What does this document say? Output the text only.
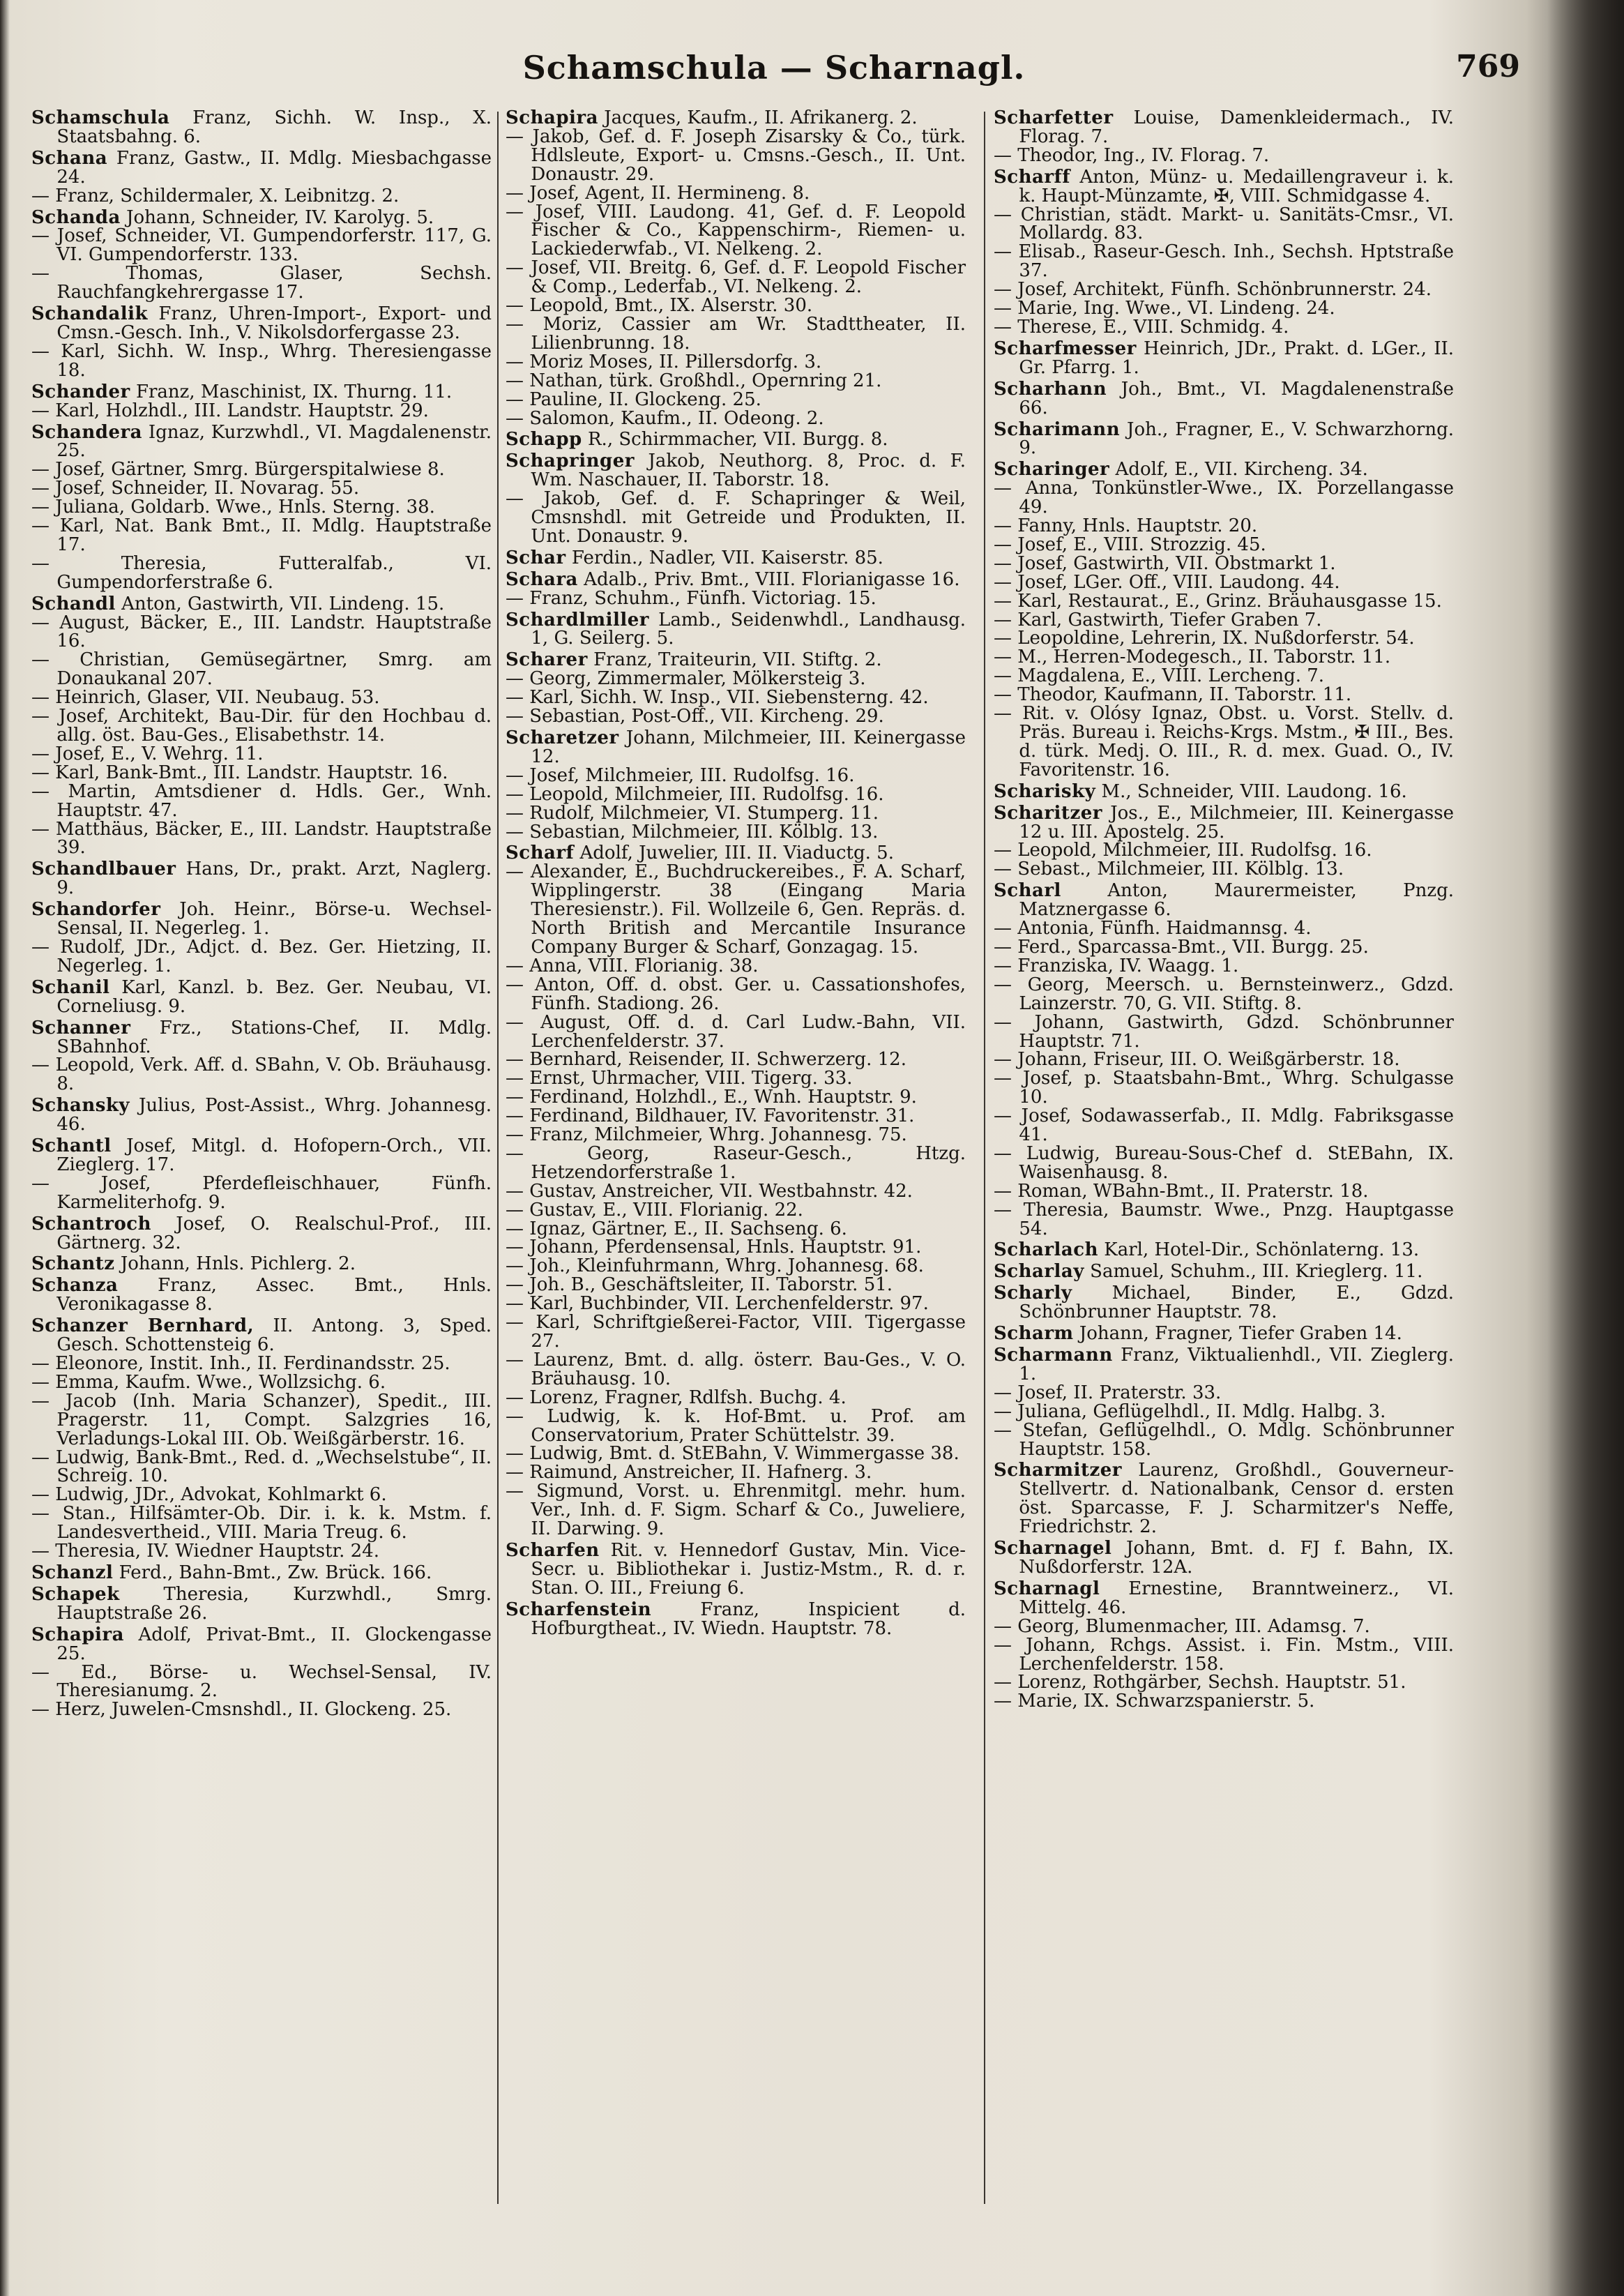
Schamschula — Scharnagl.	769
Schamschula Franz, Sichh. W. Insp., X. Staatsbahng. 6.
Schana Franz, Gastw., II. Mdlg. Miesbachgasse 24.
— Franz, Schildermaler, X. Leibnitzg. 2.
Schanda Johann, Schneider, IV. Karolyg. 5.
— Josef, Schneider, VI. Gumpendorferstr. 117, G. VI. Gumpendorferstr. 133.
— Thomas, Glaser, Sechsh. Rauchfangkehrergasse 17.
Schandalik Franz, Uhren-Import-, Export- und Cmsn.-Gesch. Inh., V. Nikolsdorfergasse 23.
— Karl, Sichh. W. Insp., Whrg. Theresiengasse 18.
Schander Franz, Maschinist, IX. Thurng. 11.
— Karl, Holzhdl., III. Landstr. Hauptstr. 29.
Schandera Ignaz, Kurzwhdl., VI. Magdalenenstr. 25.
— Josef, Gärtner, Smrg. Bürgerspitalwiese 8.
— Josef, Schneider, II. Novarag. 55.
— Juliana, Goldarb. Wwe., Hnls. Sterng. 38.
— Karl, Nat. Bank Bmt., II. Mdlg. Hauptstraße 17.
— Theresia, Futteralfab., VI. Gumpendorferstraße 6.
Schandl Anton, Gastwirth, VII. Lindeng. 15.
— August, Bäcker, E., III. Landstr. Hauptstraße 16.
— Christian, Gemüsegärtner, Smrg. am Donaukanal 207.
— Heinrich, Glaser, VII. Neubaug. 53.
— Josef, Architekt, Bau-Dir. für den Hochbau d. allg. öst. Bau-Ges., Elisabethstr. 14.
— Josef, E., V. Wehrg. 11.
— Karl, Bank-Bmt., III. Landstr. Hauptstr. 16.
— Martin, Amtsdiener d. Hdls. Ger., Wnh. Hauptstr. 47.
— Matthäus, Bäcker, E., III. Landstr. Hauptstraße 39.
Schandlbauer Hans, Dr., prakt. Arzt, Naglerg. 9.
Schandorfer Joh. Heinr., Börse-u. Wechsel-Sensal, II. Negerleg. 1.
— Rudolf, JDr., Adjct. d. Bez. Ger. Hietzing, II. Negerleg. 1.
Schanil Karl, Kanzl. b. Bez. Ger. Neubau, VI. Corneliusg. 9.
Schanner Frz., Stations-Chef, II. Mdlg. SBahnhof.
— Leopold, Verk. Aff. d. SBahn, V. Ob. Bräuhausg. 8.
Schansky Julius, Post-Assist., Whrg. Johannesg. 46.
Schantl Josef, Mitgl. d. Hofopern-Orch., VII. Zieglerg. 17.
— Josef, Pferdefleischhauer, Fünfh. Karmeliterhofg. 9.
Schantroch Josef, O. Realschul-Prof., III. Gärtnerg. 32.
Schantz Johann, Hnls. Pichlerg. 2.
Schanza Franz, Assec. Bmt., Hnls. Veronikagasse 8.
Schanzer Bernhard, II. Antong. 3, Sped. Gesch. Schottensteig 6.
— Eleonore, Instit. Inh., II. Ferdinandsstr. 25.
— Emma, Kaufm. Wwe., Wollzsichg. 6.
— Jacob (Inh. Maria Schanzer), Spedit., III. Pragerstr. 11, Compt. Salzgries 16, Verladungs-Lokal III. Ob. Weißgärberstr. 16.
— Ludwig, Bank-Bmt., Red. d. „Wechselstube“, II. Schreig. 10.
— Ludwig, JDr., Advokat, Kohlmarkt 6.
— Stan., Hilfsämter-Ob. Dir. i. k. k. Mstm. f. Landesvertheid., VIII. Maria Treug. 6.
— Theresia, IV. Wiedner Hauptstr. 24.
Schanzl Ferd., Bahn-Bmt., Zw. Brück. 166.
Schapek Theresia, Kurzwhdl., Smrg. Hauptstraße 26.
Schapira Adolf, Privat-Bmt., II. Glockengasse 25.
— Ed., Börse- u. Wechsel-Sensal, IV. Theresianumg. 2.
— Herz, Juwelen-Cmsnshdl., II. Glockeng. 25.
Schapira Jacques, Kaufm., II. Afrikanerg. 2.
— Jakob, Gef. d. F. Joseph Zisarsky & Co., türk. Hdlsleute, Export- u. Cmsns.-Gesch., II. Unt. Donaustr. 29.
— Josef, Agent, II. Hermineng. 8.
— Josef, VIII. Laudong. 41, Gef. d. F. Leopold Fischer & Co., Kappenschirm-, Riemen- u. Lackiederwfab., VI. Nelkeng. 2.
— Josef, VII. Breitg. 6, Gef. d. F. Leopold Fischer & Comp., Lederfab., VI. Nelkeng. 2.
— Leopold, Bmt., IX. Alserstr. 30.
— Moriz, Cassier am Wr. Stadttheater, II. Lilienbrunng. 18.
— Moriz Moses, II. Pillersdorfg. 3.
— Nathan, türk. Großhdl., Opernring 21.
— Pauline, II. Glockeng. 25.
— Salomon, Kaufm., II. Odeong. 2.
Schapp R., Schirmmacher, VII. Burgg. 8.
Schapringer Jakob, Neuthorg. 8, Proc. d. F. Wm. Naschauer, II. Taborstr. 18.
— Jakob, Gef. d. F. Schapringer & Weil, Cmsnshdl. mit Getreide und Produkten, II. Unt. Donaustr. 9.
Schar Ferdin., Nadler, VII. Kaiserstr. 85.
Schara Adalb., Priv. Bmt., VIII. Florianigasse 16.
— Franz, Schuhm., Fünfh. Victoriag. 15.
Schardlmiller Lamb., Seidenwhdl., Landhausg. 1, G. Seilerg. 5.
Scharer Franz, Traiteurin, VII. Stiftg. 2.
— Georg, Zimmermaler, Mölkersteig 3.
— Karl, Sichh. W. Insp., VII. Siebensterng. 42.
— Sebastian, Post-Off., VII. Kircheng. 29.
Scharetzer Johann, Milchmeier, III. Keinergasse 12.
— Josef, Milchmeier, III. Rudolfsg. 16.
— Leopold, Milchmeier, III. Rudolfsg. 16.
— Rudolf, Milchmeier, VI. Stumperg. 11.
— Sebastian, Milchmeier, III. Kölblg. 13.
Scharf Adolf, Juwelier, III. II. Viaductg. 5.
— Alexander, E., Buchdruckereibes., F. A. Scharf, Wipplingerstr. 38 (Eingang Maria Theresienstr.). Fil. Wollzeile 6, Gen. Repräs. d. North British and Mercantile Insurance Company Burger & Scharf, Gonzagag. 15.
— Anna, VIII. Florianig. 38.
— Anton, Off. d. obst. Ger. u. Cassationshofes, Fünfh. Stadiong. 26.
— August, Off. d. d. Carl Ludw.-Bahn, VII. Lerchenfelderstr. 37.
— Bernhard, Reisender, II. Schwerzerg. 12.
— Ernst, Uhrmacher, VIII. Tigerg. 33.
— Ferdinand, Holzhdl., E., Wnh. Hauptstr. 9.
— Ferdinand, Bildhauer, IV. Favoritenstr. 31.
— Franz, Milchmeier, Whrg. Johannesg. 75.
— Georg, Raseur-Gesch., Htzg. Hetzendorferstraße 1.
— Gustav, Anstreicher, VII. Westbahnstr. 42.
— Gustav, E., VIII. Florianig. 22.
— Ignaz, Gärtner, E., II. Sachseng. 6.
— Johann, Pferdensensal, Hnls. Hauptstr. 91.
— Joh., Kleinfuhrmann, Whrg. Johannesg. 68.
— Joh. B., Geschäftsleiter, II. Taborstr. 51.
— Karl, Buchbinder, VII. Lerchenfelderstr. 97.
— Karl, Schriftgießerei-Factor, VIII. Tigergasse 27.
— Laurenz, Bmt. d. allg. österr. Bau-Ges., V. O. Bräuhausg. 10.
— Lorenz, Fragner, Rdlfsh. Buchg. 4.
— Ludwig, k. k. Hof-Bmt. u. Prof. am Conservatorium, Prater Schüttelstr. 39.
— Ludwig, Bmt. d. StEBahn, V. Wimmergasse 38.
— Raimund, Anstreicher, II. Hafnerg. 3.
— Sigmund, Vorst. u. Ehrenmitgl. mehr. hum. Ver., Inh. d. F. Sigm. Scharf & Co., Juweliere, II. Darwing. 9.
Scharfen Rit. v. Hennedorf Gustav, Min. Vice-Secr. u. Bibliothekar i. Justiz-Mstm., R. d. r. Stan. O. III., Freiung 6.
Scharfenstein	Franz, Inspicient d. Hofburgtheat., IV. Wiedn. Hauptstr. 78.
Scharfetter Louise, Damenkleidermach., IV. Florag. 7.
— Theodor, Ing., IV. Florag. 7.
Scharff Anton, Münz- u. Medaillengraveur i. k. k. Haupt-Münzamte, ✠, VIII. Schmidgasse 4.
— Christian, städt. Markt- u. Sanitäts-Cmsr., VI. Mollardg. 83.
— Elisab., Raseur-Gesch. Inh., Sechsh. Hptstraße 37.
— Josef, Architekt, Fünfh. Schönbrunnerstr. 24.
— Marie, Ing. Wwe., VI. Lindeng. 24.
— Therese, E., VIII. Schmidg. 4.
Scharfmesser Heinrich, JDr., Prakt. d. LGer., II. Gr. Pfarrg. 1.
Scharhann Joh., Bmt., VI. Magdalenenstraße 66.
Scharimann Joh., Fragner, E., V. Schwarzhorng. 9.
Scharinger Adolf, E., VII. Kircheng. 34.
— Anna, Tonkünstler-Wwe., IX. Porzellangasse 49.
— Fanny, Hnls. Hauptstr. 20.
— Josef, E., VIII. Strozzig. 45.
— Josef, Gastwirth, VII. Obstmarkt 1.
— Josef, LGer. Off., VIII. Laudong. 44.
— Karl, Restaurat., E., Grinz. Bräuhausgasse 15.
— Karl, Gastwirth, Tiefer Graben 7.
— Leopoldine, Lehrerin, IX. Nußdorferstr. 54.
— M., Herren-Modegesch., II. Taborstr. 11.
— Magdalena, E., VIII. Lercheng. 7.
— Theodor, Kaufmann, II. Taborstr. 11.
— Rit. v. Olósy Ignaz, Obst. u. Vorst. Stellv. d. Präs. Bureau i. Reichs-Krgs. Mstm., ✠ III., Bes. d. türk. Medj. O. III., R. d. mex. Guad. O., IV. Favoritenstr. 16.
Scharisky M., Schneider, VIII. Laudong. 16.
Scharitzer Jos., E., Milchmeier, III. Keinergasse 12 u. III. Apostelg. 25.
— Leopold, Milchmeier, III. Rudolfsg. 16.
— Sebast., Milchmeier, III. Kölblg. 13.
Scharl	Anton, Maurermeister, Pnzg. Matznergasse 6.
— Antonia, Fünfh. Haidmannsg. 4.
— Ferd., Sparcassa-Bmt., VII. Burgg. 25.
— Franziska, IV. Waagg. 1.
— Georg, Meersch. u. Bernsteinwerz., Gdzd. Lainzerstr. 70, G. VII. Stiftg. 8.
— Johann, Gastwirth, Gdzd. Schönbrunner Hauptstr. 71.
— Johann, Friseur, III. O. Weißgärberstr. 18.
— Josef, p. Staatsbahn-Bmt., Whrg. Schulgasse 10.
— Josef, Sodawasserfab., II. Mdlg. Fabriksgasse 41.
— Ludwig, Bureau-Sous-Chef d. StEBahn, IX. Waisenhausg. 8.
— Roman, WBahn-Bmt., II. Praterstr. 18.
— Theresia, Baumstr. Wwe., Pnzg. Hauptgasse 54.
Scharlach Karl, Hotel-Dir., Schönlaterng. 13.
Scharlay Samuel, Schuhm., III. Krieglerg. 11.
Scharly Michael, Binder, E., Gdzd. Schönbrunner Hauptstr. 78.
Scharm Johann, Fragner, Tiefer Graben 14.
Scharmann Franz, Viktualienhdl., VII. Zieglerg. 1.
— Josef, II. Praterstr. 33.
— Juliana, Geflügelhdl., II. Mdlg. Halbg. 3.
— Stefan, Geflügelhdl., O. Mdlg. Schönbrunner Hauptstr. 158.
Scharmitzer Laurenz, Großhdl., Gouverneur-Stellvertr. d. Nationalbank, Censor d. ersten öst. Sparcasse, F. J. Scharmitzer's Neffe, Friedrichstr. 2.
Scharnagel Johann, Bmt. d. FJ f. Bahn, IX. Nußdorferstr. 12A.
Scharnagl Ernestine, Branntweinerz., VI. Mittelg. 46.
— Georg, Blumenmacher, III. Adamsg. 7.
— Johann, Rchgs. Assist. i. Fin. Mstm., VIII. Lerchenfelderstr. 158.
— Lorenz, Rothgärber, Sechsh. Hauptstr. 51.
— Marie, IX. Schwarzspanierstr. 5.
